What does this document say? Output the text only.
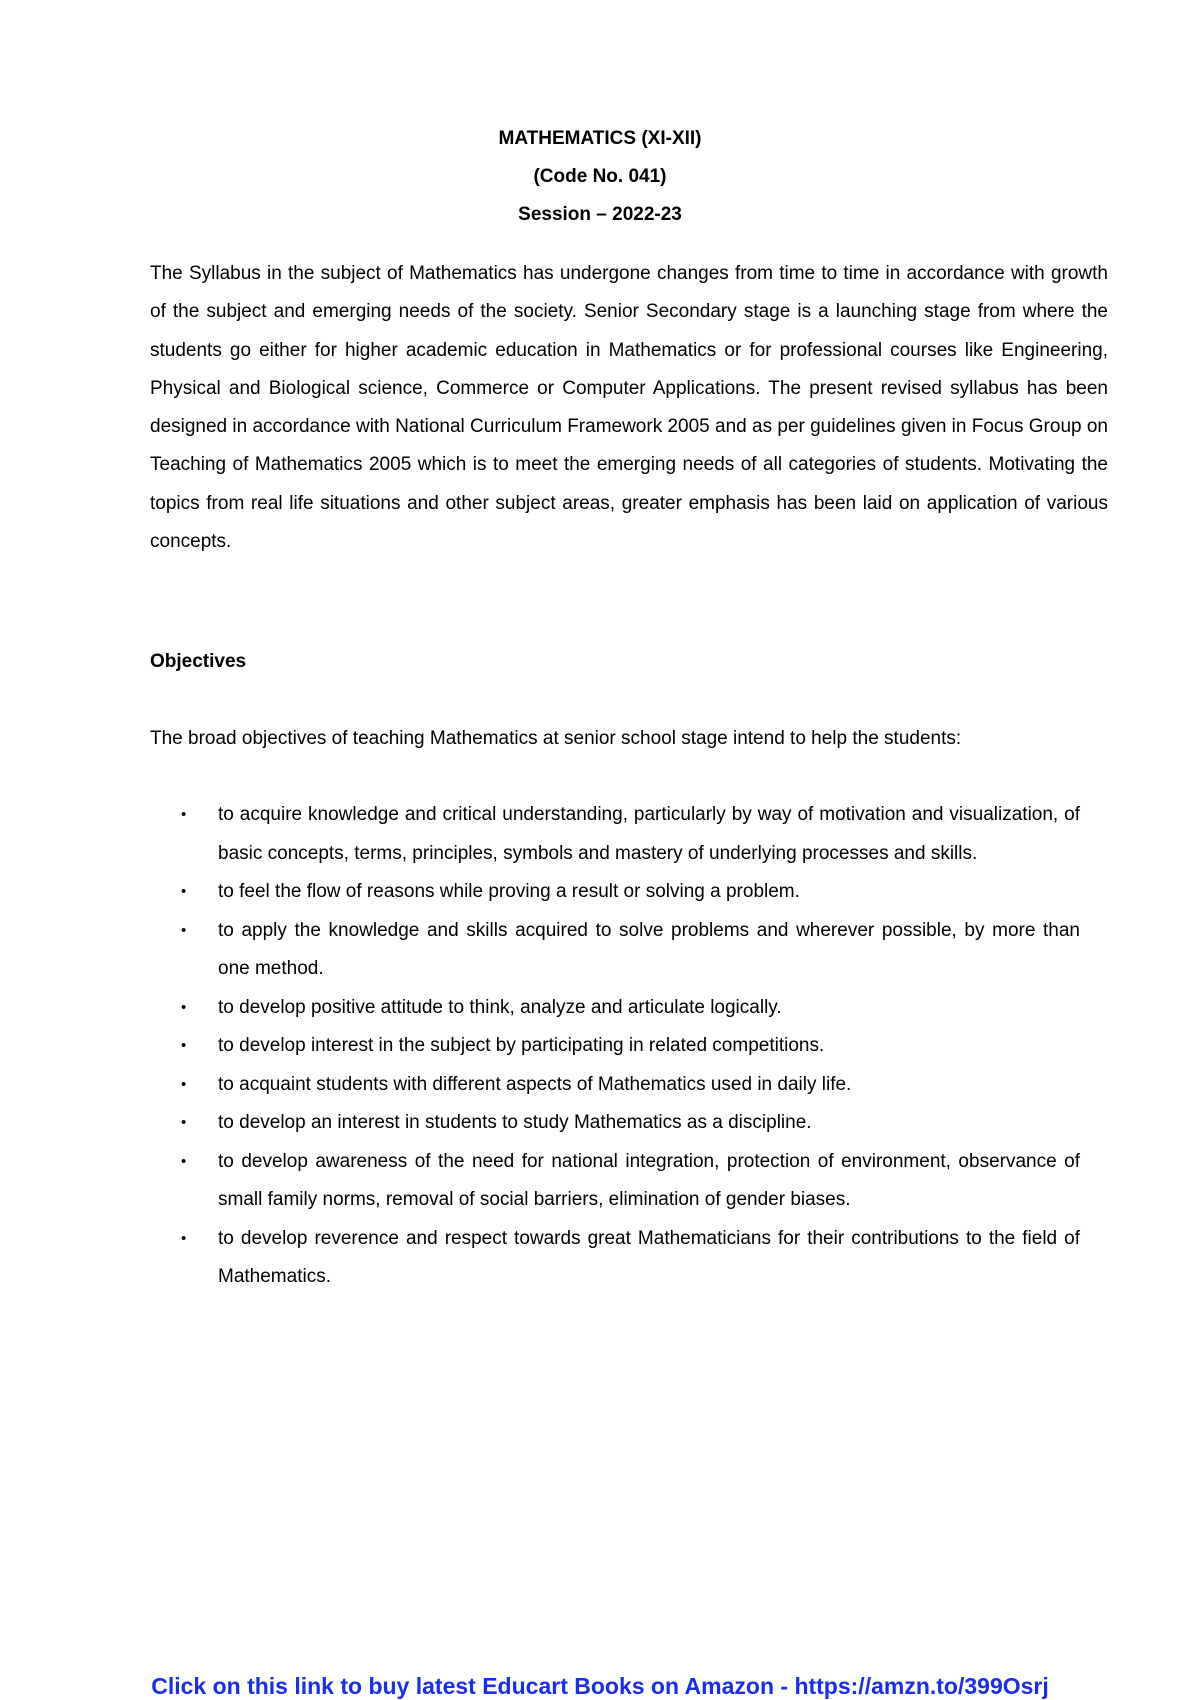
MATHEMATICS (XI-XII)

(Code No. 041)

Session – 2022-23

The Syllabus in the subject of Mathematics has undergone changes from time to time in accordance with growth of the subject and emerging needs of the society. Senior Secondary stage is a launching stage from where the students go either for higher academic education in Mathematics or for professional courses like Engineering, Physical and Biological science, Commerce or Computer Applications. The present revised syllabus has been designed in accordance with National Curriculum Framework 2005 and as per guidelines given in Focus Group on Teaching of Mathematics 2005 which is to meet the emerging needs of all categories of students. Motivating the topics from real life situations and other subject areas, greater emphasis has been laid on application of various concepts.

Objectives

The broad objectives of teaching Mathematics at senior school stage intend to help the students:

• to acquire knowledge and critical understanding, particularly by way of motivation and visualization, of basic concepts, terms, principles, symbols and mastery of underlying processes and skills.
• to feel the flow of reasons while proving a result or solving a problem.
• to apply the knowledge and skills acquired to solve problems and wherever possible, by more than one method.
• to develop positive attitude to think, analyze and articulate logically.
• to develop interest in the subject by participating in related competitions.
• to acquaint students with different aspects of Mathematics used in daily life.
• to develop an interest in students to study Mathematics as a discipline.
• to develop awareness of the need for national integration, protection of environment, observance of small family norms, removal of social barriers, elimination of gender biases.
• to develop reverence and respect towards great Mathematicians for their contributions to the field of Mathematics.

Click on this link to buy latest Educart Books on Amazon - https://amzn.to/399Osrj
